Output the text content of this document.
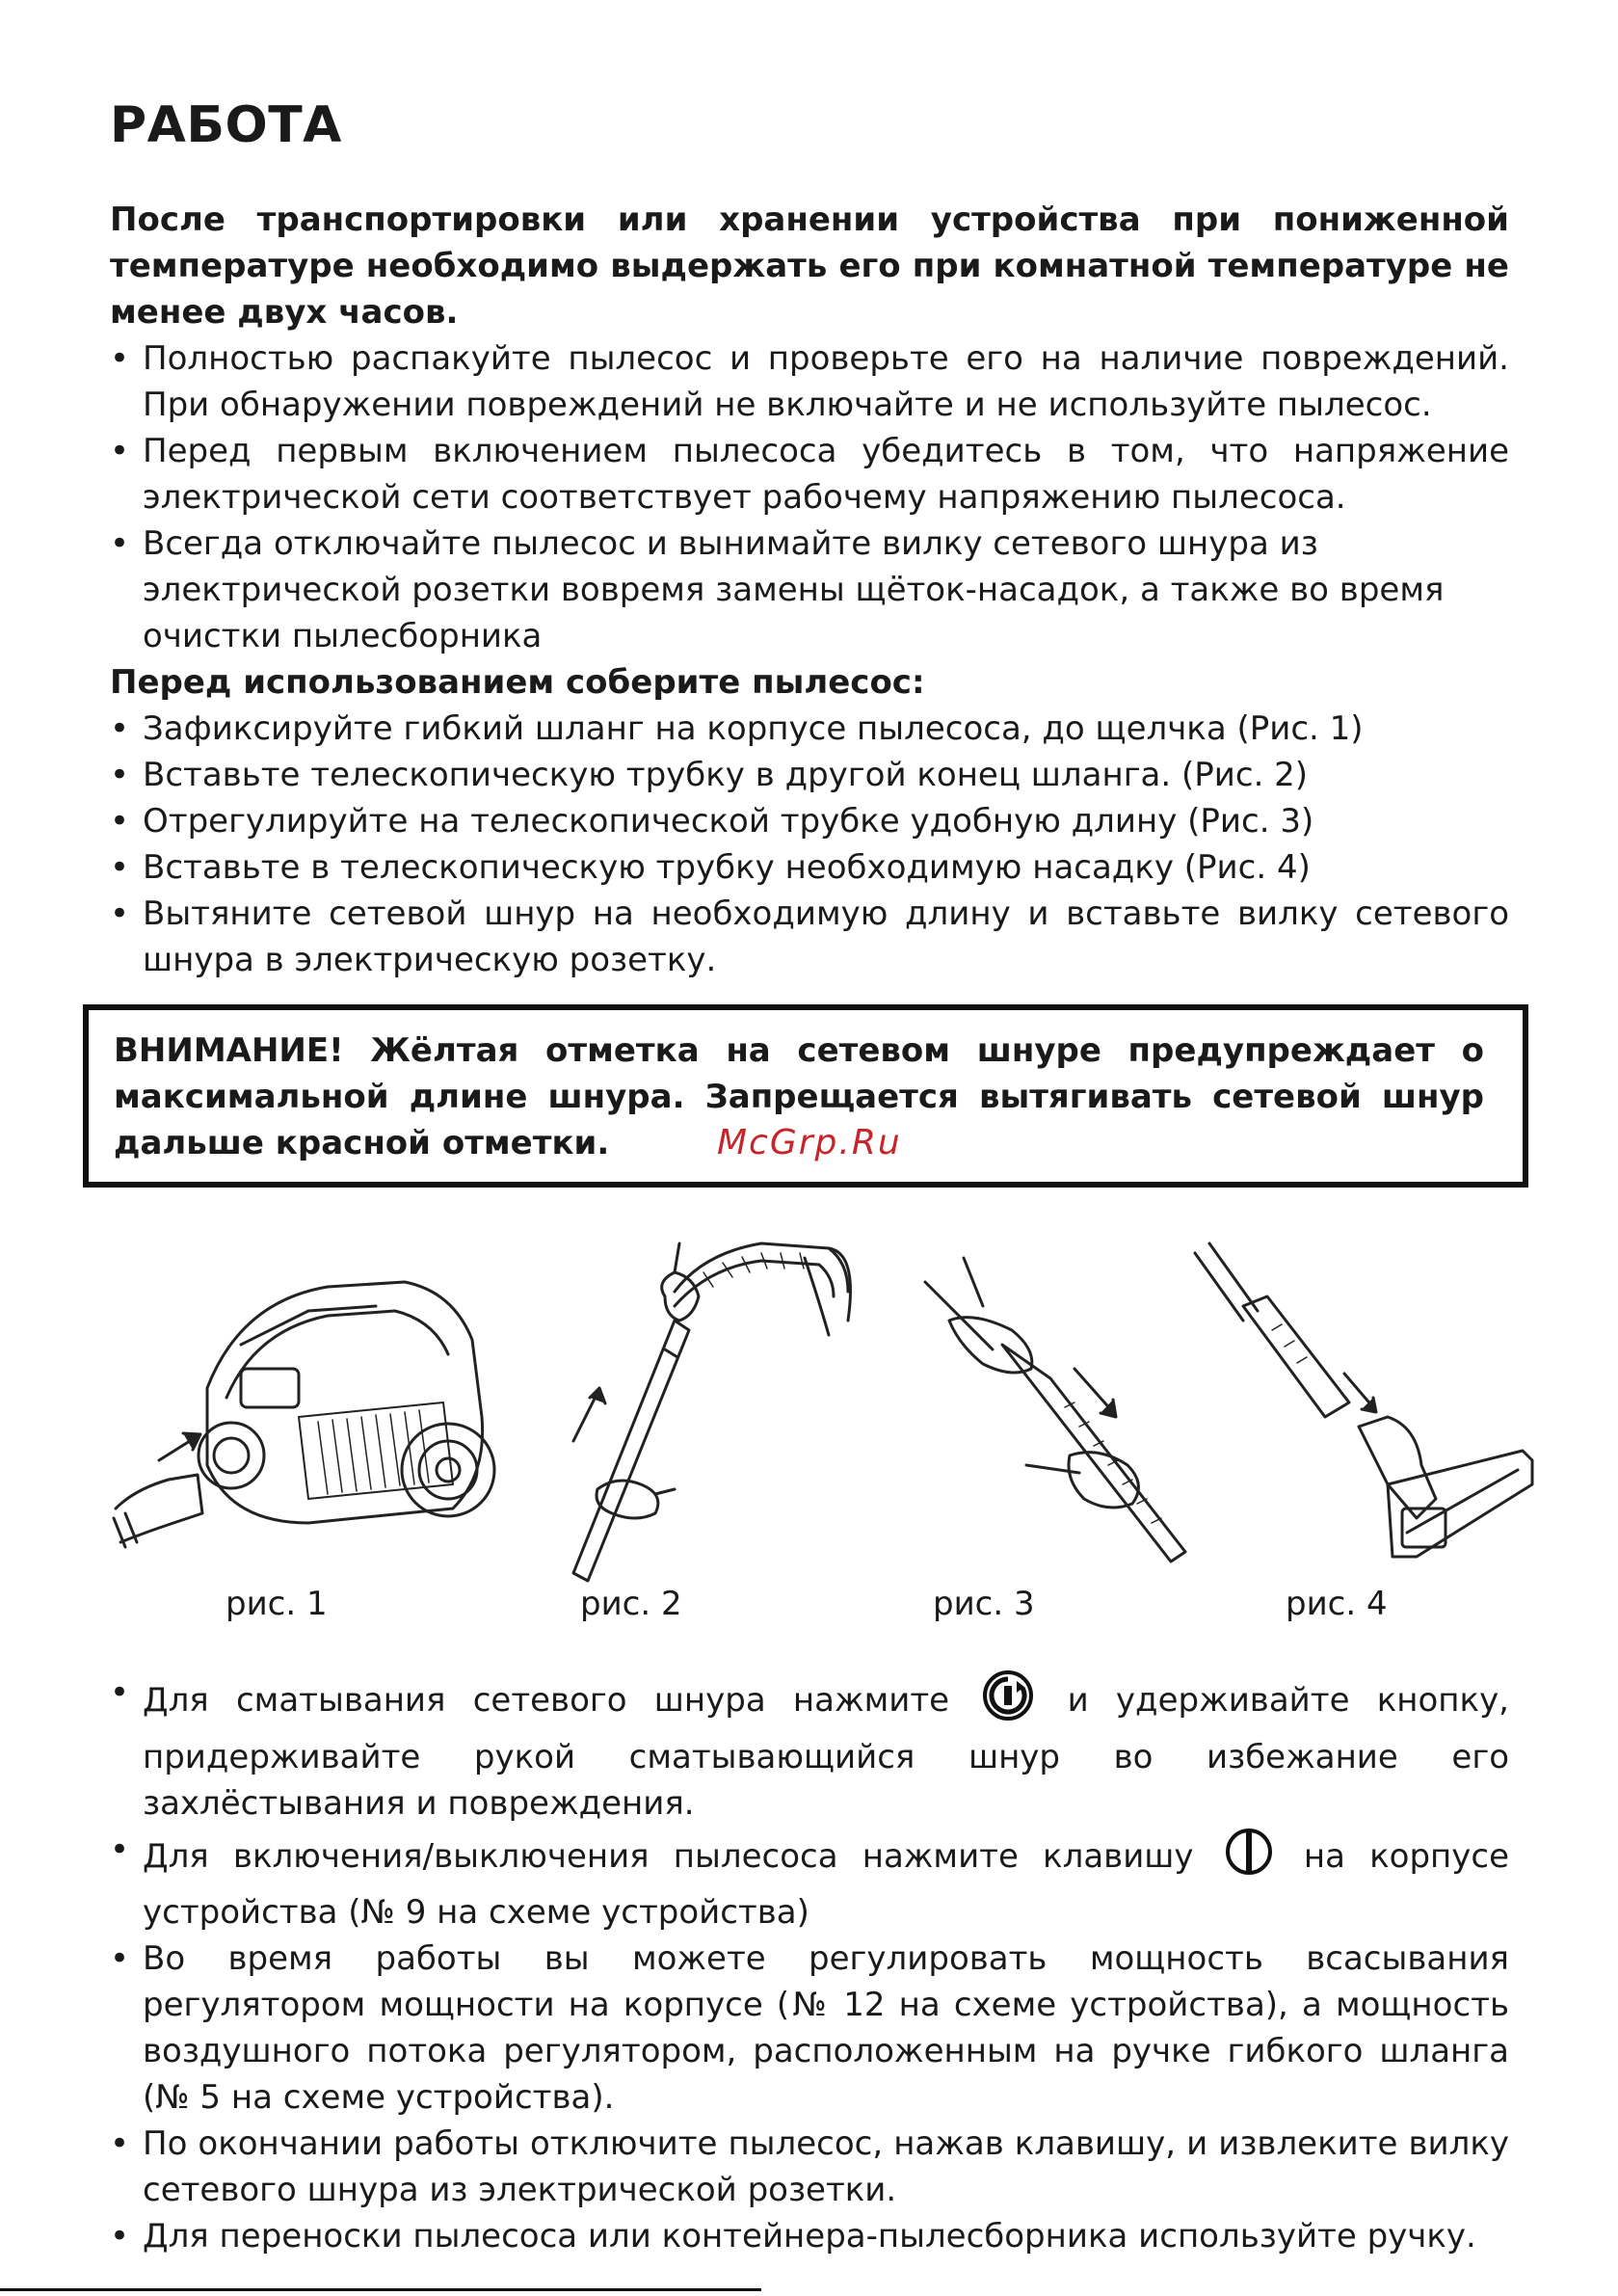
РАБОТА

После транспортировки или хранении устройства при пониженной температуре необходимо выдержать его при комнатной температуре не менее двух часов.

• Полностью распакуйте пылесос и проверьте его на наличие повреждений. При обнаружении повреждений не включайте и не используйте пылесос.
• Перед первым включением пылесоса убедитесь в том, что напряжение электрической сети соответствует рабочему напряжению пылесоса.
• Всегда отключайте пылесос и вынимайте вилку сетевого шнура из электрической розетки вовремя замены щёток-насадок, а также во время очистки пылесборника

Перед использованием соберите пылесос:

• Зафиксируйте гибкий шланг на корпусе пылесоса, до щелчка (Рис. 1)
• Вставьте телескопическую трубку в другой конец шланга. (Рис. 2)
• Отрегулируйте на телескопической трубке удобную длину (Рис. 3)
• Вставьте в телескопическую трубку необходимую насадку (Рис. 4)
• Вытяните сетевой шнур на необходимую длину и вставьте вилку сетевого шнура в электрическую розетку.

ВНИМАНИЕ! Жёлтая отметка на сетевом шнуре предупреждает о максимальной длине шнура. Запрещается вытягивать сетевой шнур дальше красной отметки.	McGrp.Ru
рис. 1	рис. 2	рис. 3	рис. 4
• Для сматывания сетевого шнура нажмите	и удерживайте кнопку, придерживайте рукой сматывающийся шнур во избежание его захлёстывания и повреждения.
• Для включения/выключения пылесоса нажмите клавишу	на корпусе устройства (№ 9 на схеме устройства)
• Во время работы вы можете регулировать мощность всасывания регулятором мощности на корпусе (№ 12 на схеме устройства), а мощность воздушного потока регулятором, расположенным на ручке гибкого шланга (№ 5 на схеме устройства).
• По окончании работы отключите пылесос, нажав клавишу, и извлеките вилку сетевого шнура из электрической розетки.
• Для переноски пылесоса или контейнера-пылесборника используйте ручку.
